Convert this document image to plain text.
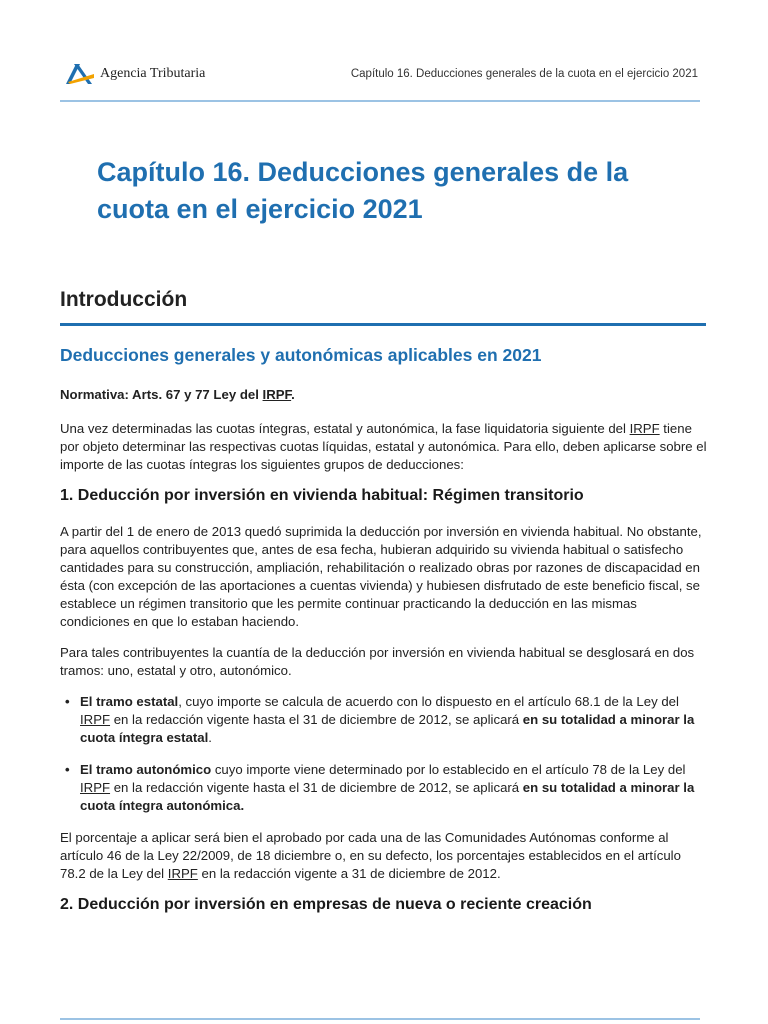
Agencia Tributaria	Capítulo 16. Deducciones generales de la cuota en el ejercicio 2021
Capítulo 16. Deducciones generales de la cuota en el ejercicio 2021
Introducción
Deducciones generales y autonómicas aplicables en 2021

Normativa: Arts. 67 y 77 Ley del IRPF.

Una vez determinadas las cuotas íntegras, estatal y autonómica, la fase liquidatoria siguiente del IRPF tiene por objeto determinar las respectivas cuotas líquidas, estatal y autonómica. Para ello, deben aplicarse sobre el importe de las cuotas íntegras los siguientes grupos de deducciones:

1. Deducción por inversión en vivienda habitual: Régimen transitorio

A partir del 1 de enero de 2013 quedó suprimida la deducción por inversión en vivienda habitual. No obstante, para aquellos contribuyentes que, antes de esa fecha, hubieran adquirido su vivienda habitual o satisfecho cantidades para su construcción, ampliación, rehabilitación o realizado obras por razones de discapacidad en ésta (con excepción de las aportaciones a cuentas vivienda) y hubiesen disfrutado de este beneficio fiscal, se establece un régimen transitorio que les permite continuar practicando la deducción en las mismas condiciones en que lo estaban haciendo.

Para tales contribuyentes la cuantía de la deducción por inversión en vivienda habitual se desglosará en dos tramos: uno, estatal y otro, autonómico.

• El tramo estatal, cuyo importe se calcula de acuerdo con lo dispuesto en el artículo 68.1 de la Ley del IRPF en la redacción vigente hasta el 31 de diciembre de 2012, se aplicará en su totalidad a minorar la cuota íntegra estatal.
• El tramo autonómico cuyo importe viene determinado por lo establecido en el artículo 78 de la Ley del IRPF en la redacción vigente hasta el 31 de diciembre de 2012, se aplicará en su totalidad a minorar la cuota íntegra autonómica.

El porcentaje a aplicar será bien el aprobado por cada una de las Comunidades Autónomas conforme al artículo 46 de la Ley 22/2009, de 18 diciembre o, en su defecto, los porcentajes establecidos en el artículo 78.2 de la Ley del IRPF en la redacción vigente a 31 de diciembre de 2012.

2. Deducción por inversión en empresas de nueva o reciente creación
